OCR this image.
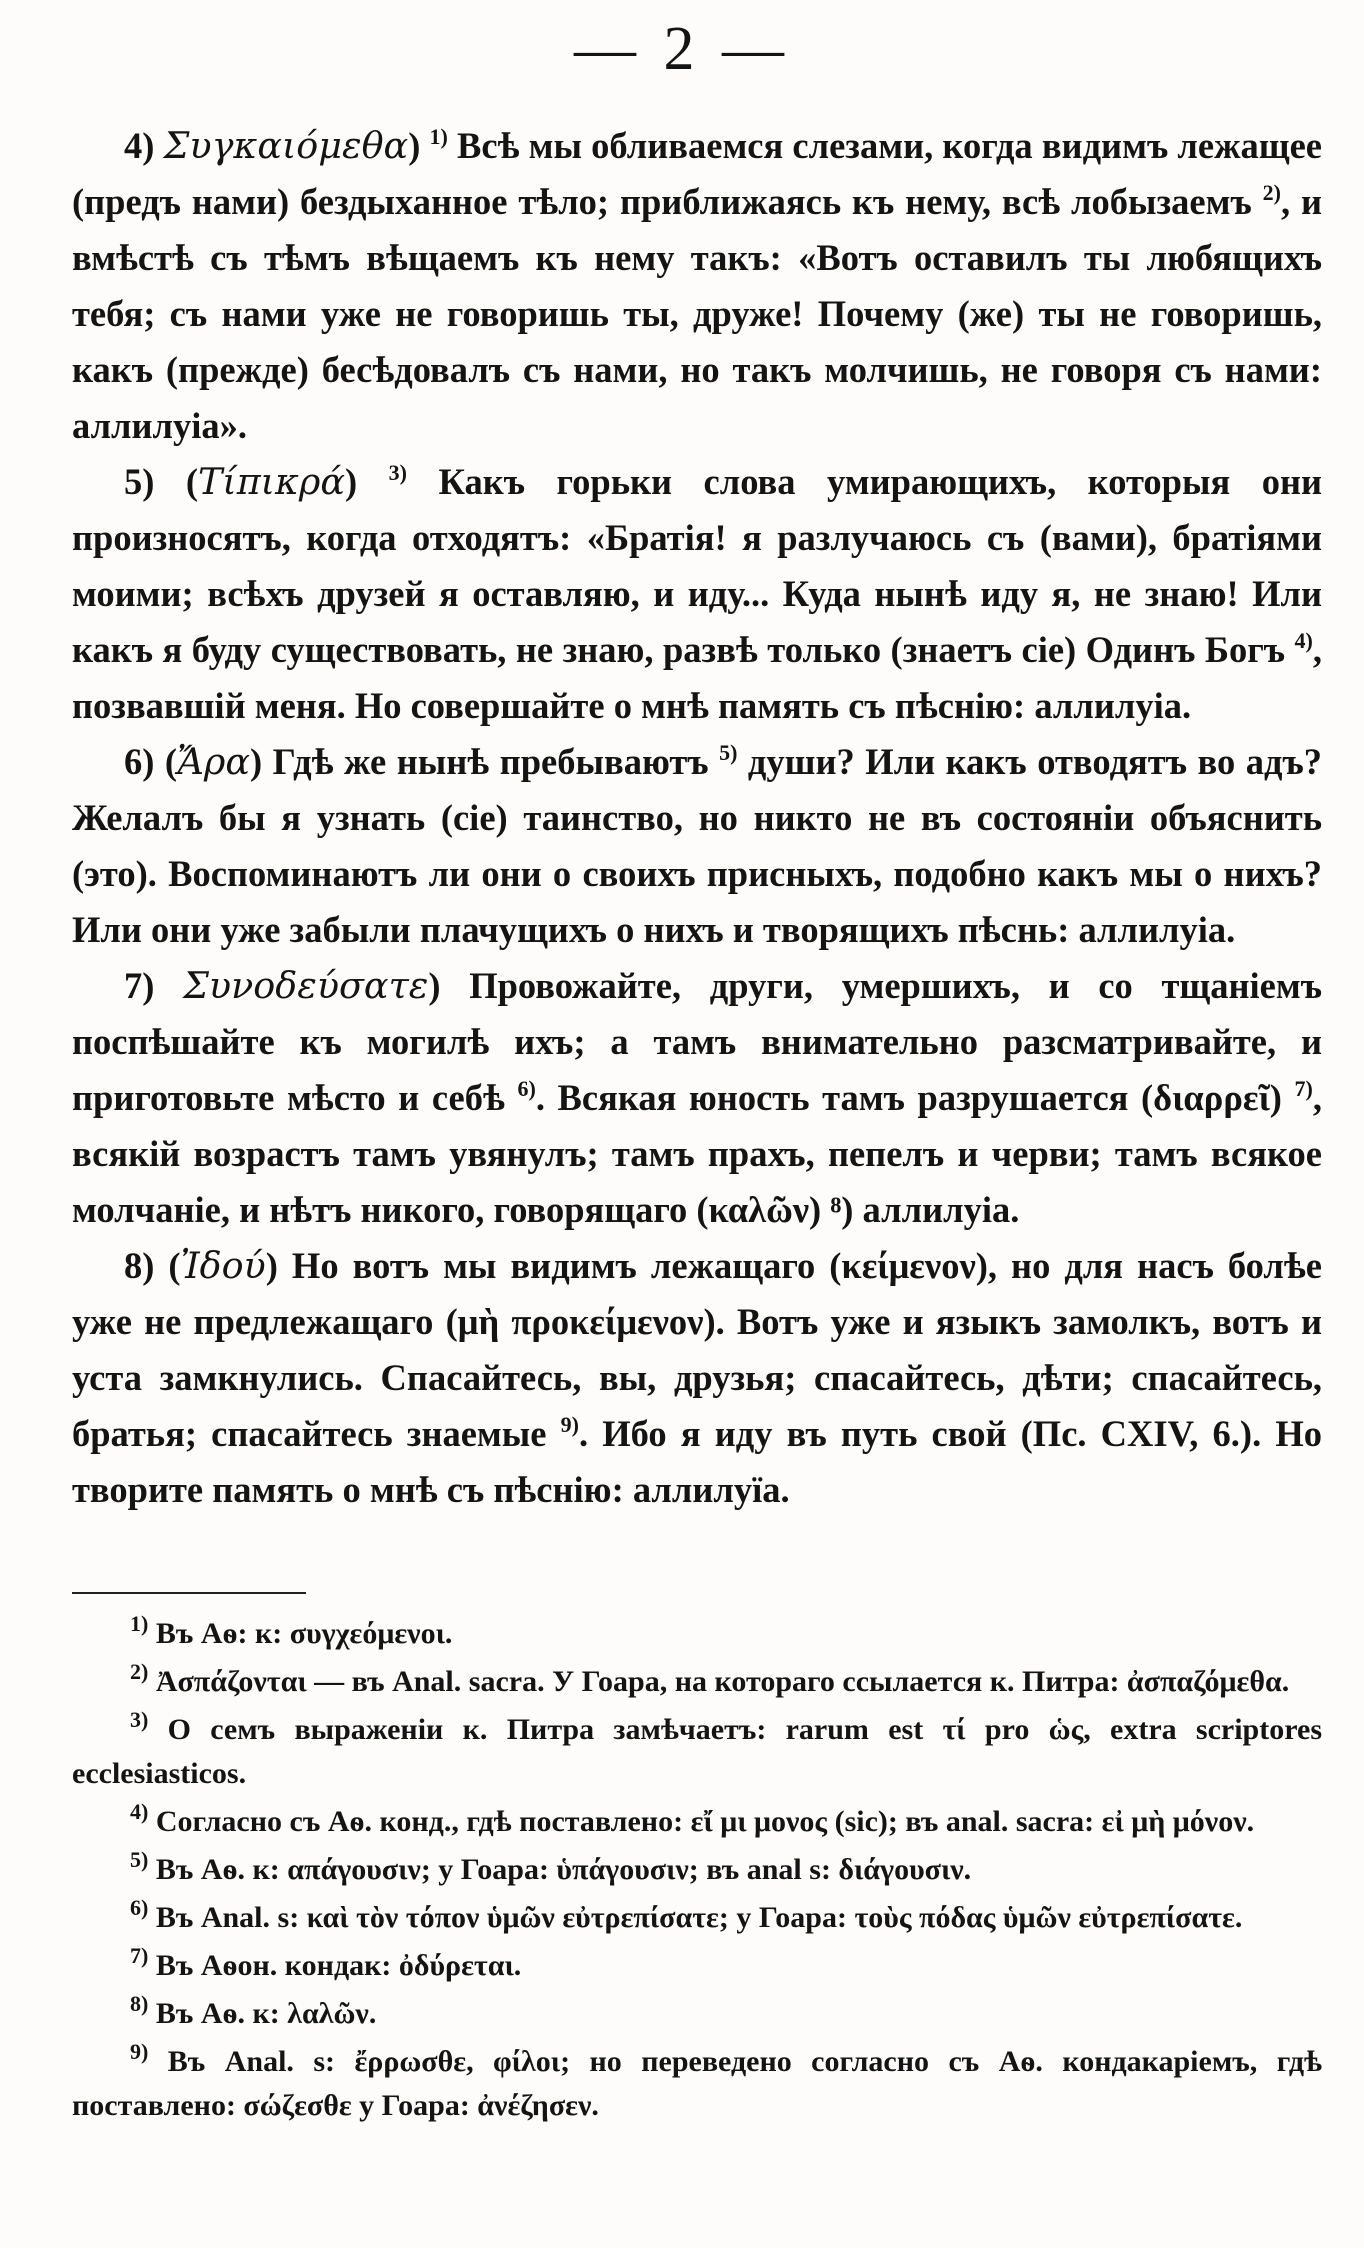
— 2 —

4) Συγκαιόμεθα) $^{1)}$ Всѣ мы обливаемся слезами, когда видимъ лежащее (предъ нами) бездыханное тѣло; приближаясь къ нему, всѣ лобызаемъ $^{2)}$, и вмѣстѣ съ тѣмъ вѣщаемъ къ нему такъ: «Вотъ оставилъ ты любящихъ тебя; съ нами уже не говоришь ты, друже! Почему (же) ты не говоришь, какъ (прежде) бесѣдовалъ съ нами, но такъ молчишь, не говоря съ нами: аллилуіа».

5) (Τίπικρά) $^{3)}$ Какъ горьки слова умирающихъ, которыя они произносятъ, когда отходятъ: «Братія! я разлучаюсь съ (вами), братіями моими; всѣхъ друзей я оставляю, и иду... Куда нынѣ иду я, не знаю! Или какъ я буду существовать, не знаю, развѣ только (знаетъ сіе) Одинъ Богъ $^{4)}$, позвавшій меня. Но совершайте о мнѣ память съ пѣснію: аллилуіа.

6) (Ἄρα) Гдѣ же нынѣ пребываютъ $^{5)}$ души? Или какъ отводятъ во адъ? Желалъ бы я узнать (сіе) таинство, но никто не въ состояніи объяснить (это). Воспоминаютъ ли они о своихъ присныхъ, подобно какъ мы о нихъ? Или они уже забыли плачущихъ о нихъ и творящихъ пѣснь: аллилуіа.

7) Συνοδεύσατε) Провожайте, други, умершихъ, и со тщаніемъ поспѣшайте къ могилѣ ихъ; а тамъ внимательно разсматривайте, и приготовьте мѣсто и себѣ $^{6)}$. Всякая юность тамъ разрушается (διαρρεῖ) $^{7)}$, всякій возрастъ тамъ увянулъ; тамъ прахъ, пепелъ и черви; тамъ всякое молчаніе, и нѣтъ никого, говорящаго (καλῶν) ⁸) аллилуіа.

8) (Ἰδού) Но вотъ мы видимъ лежащаго (κείμενον), но для насъ болѣе уже не предлежащаго (μὴ προκείμενον). Вотъ уже и языкъ замолкъ, вотъ и уста замкнулись. Спасайтесь, вы, друзья; спасайтесь, дѣти; спасайтесь, братья; спасайтесь знаемые $^{9)}$. Ибо я иду въ путь свой (Пс. CXIV, 6.). Но творите память о мнѣ съ пѣснію: аллилуїа.

$^{1)}$ Въ Аѳ: к: συγχεόμενοι.

$^{2)}$ Ἀσπάζονται — въ Anal. sacra. У Гоара, на котораго ссылается к. Питра: ἀσπαζόμεθα.

$^{3)}$ О семъ выраженіи к. Питра замѣчаетъ: rarum est τί pro ὡς, extra scriptores ecclesiasticos.

$^{4)}$ Согласно съ Аѳ. конд., гдѣ поставлено: εἴ μι μονος (sic); въ anal. sacra: εἰ μὴ μόνον.

$^{5)}$ Въ Аѳ. к: απάγουσιν; у Гоара: ὑπάγουσιν; въ anal s: διάγουσιν.

$^{6)}$ Въ Anal. s: καὶ τὸν τόπον ὑμῶν εὐτρεπίσατε; у Гоара: τοὺς πόδας ὑμῶν εὐτρεπίσατε.

$^{7)}$ Въ Аѳон. кондак: ὀδύρεται.

$^{8)}$ Въ Аѳ. к: λαλῶν.

$^{9)}$ Въ Anal. s: ἔρρωσθε, φίλοι; но переведено согласно съ Аѳ. кондакаріемъ, гдѣ поставлено: σώζεσθε у Гоара: ἀνέζησεν.
